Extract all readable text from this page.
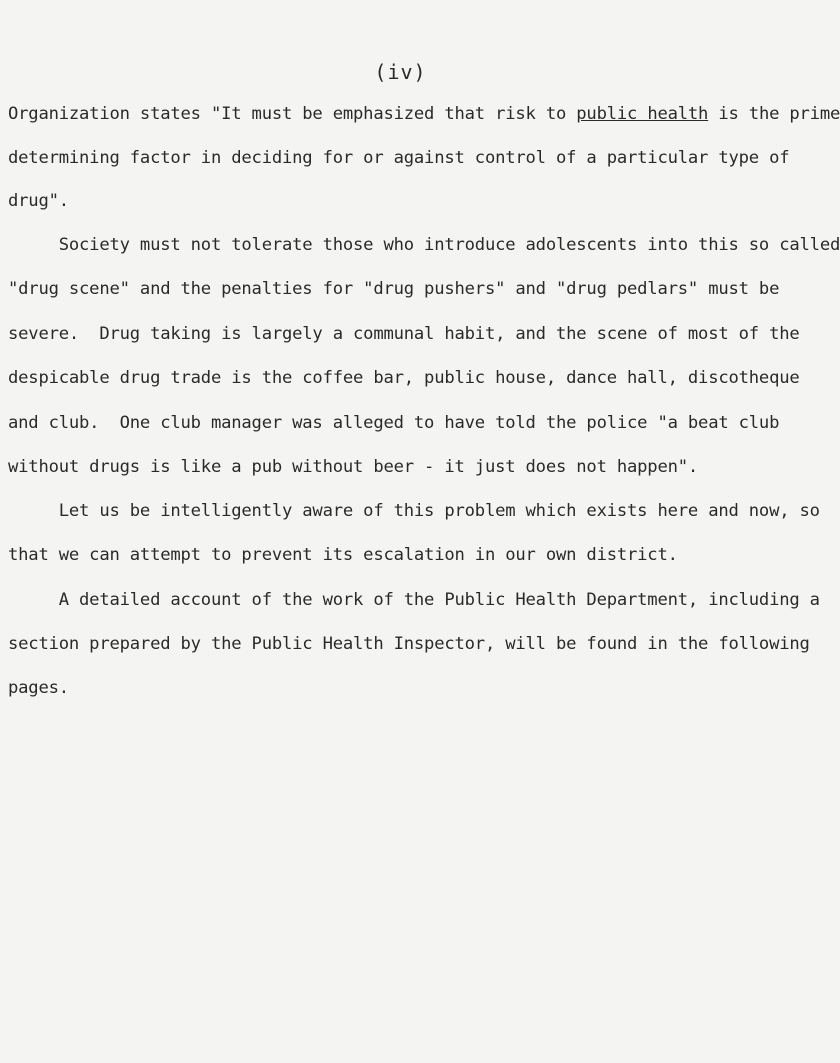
(iv)
Organization states "It must be emphasized that risk to public health is the prime
determining factor in deciding for or against control of a particular type of
drug".
Society must not tolerate those who introduce adolescents into this so called
"drug scene" and the penalties for "drug pushers" and "drug pedlars" must be
severe.  Drug taking is largely a communal habit, and the scene of most of the
despicable drug trade is the coffee bar, public house, dance hall, discotheque
and club.  One club manager was alleged to have told the police "a beat club
without drugs is like a pub without beer - it just does not happen".
Let us be intelligently aware of this problem which exists here and now, so
that we can attempt to prevent its escalation in our own district.
A detailed account of the work of the Public Health Department, including a
section prepared by the Public Health Inspector, will be found in the following
pages.
